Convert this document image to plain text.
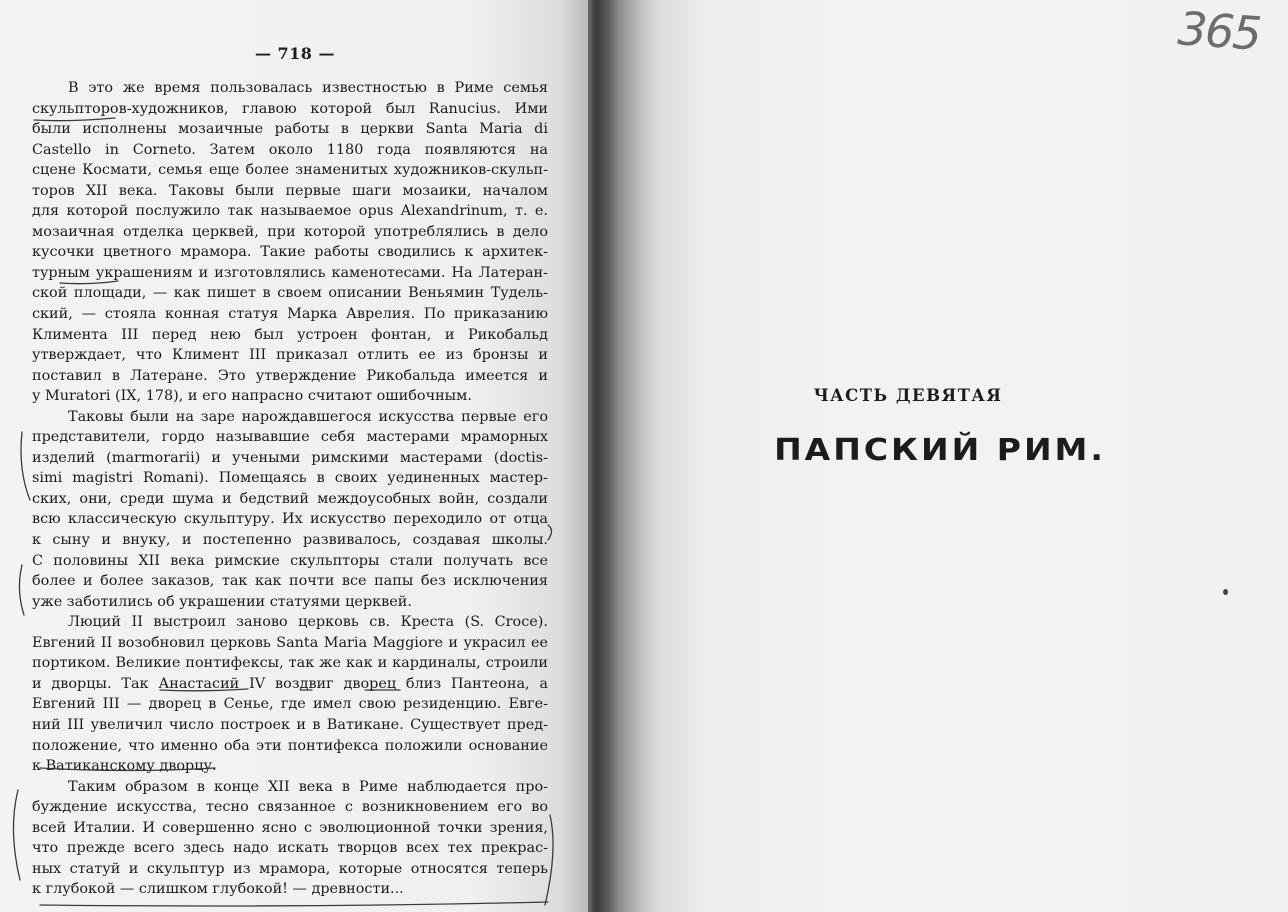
— 718 —

В это же время пользовалась известностью в Риме семья
скульпторов-художников, главою которой был Ranucius. Ими
были исполнены мозаичные работы в церкви Santa Maria di
Castello in Corneto. Затем около 1180 года появляются на
сцене Космати, семья еще более знаменитых художников-скульп-
торов XII века. Таковы были первые шаги мозаики, началом
для которой послужило так называемое opus Alexandrinum, т. е.
мозаичная отделка церквей, при которой употреблялись в дело
кусочки цветного мрамора. Такие работы сводились к архитек-
турным украшениям и изготовлялись каменотесами. На Латеран-
ской площади, — как пишет в своем описании Веньямин Тудель-
ский, — стояла конная статуя Марка Аврелия. По приказанию
Климента III перед нею был устроен фонтан, и Рикобальд
утверждает, что Климент III приказал отлить ее из бронзы и
поставил в Латеране. Это утверждение Рикобальда имеется и
у Muratori (IX, 178), и его напрасно считают ошибочным.

Таковы были на заре нарождавшегося искусства первые его
представители, гордо называвшие себя мастерами мраморных
изделий (marmorarii) и учеными римскими мастерами (doctis-
simi magistri Romani). Помещаясь в своих уединенных мастер-
ских, они, среди шума и бедствий междоусобных войн, создали
всю классическую скульптуру. Их искусство переходило от отца
к сыну и внуку, и постепенно развивалось, создавая школы.
С половины XII века римские скульпторы стали получать все
более и более заказов, так как почти все папы без исключения
уже заботились об украшении статуями церквей.

Люций II выстроил заново церковь св. Креста (S. Croce).
Евгений II возобновил церковь Santa Maria Maggiore и украсил ее
портиком. Великие понтифексы, так же как и кардиналы, строили
и дворцы. Так Анастасий IV воздвиг дворец близ Пантеона, а
Евгений III — дворец в Сенье, где имел свою резиденцию. Евге-
ний III увеличил число построек и в Ватикане. Существует пред-
положение, что именно оба эти понтифекса положили основание
к Ватиканскому дворцу.

Таким образом в конце XII века в Риме наблюдается про-
буждение искусства, тесно связанное с возникновением его во
всей Италии. И совершенно ясно с эволюционной точки зрения,
что прежде всего здесь надо искать творцов всех тех прекрас-
ных статуй и скульптур из мрамора, которые относятся теперь
к глубокой — слишком глубокой! — древности...

ЧАСТЬ ДЕВЯТАЯ
ПАПСКИЙ РИМ.
365
